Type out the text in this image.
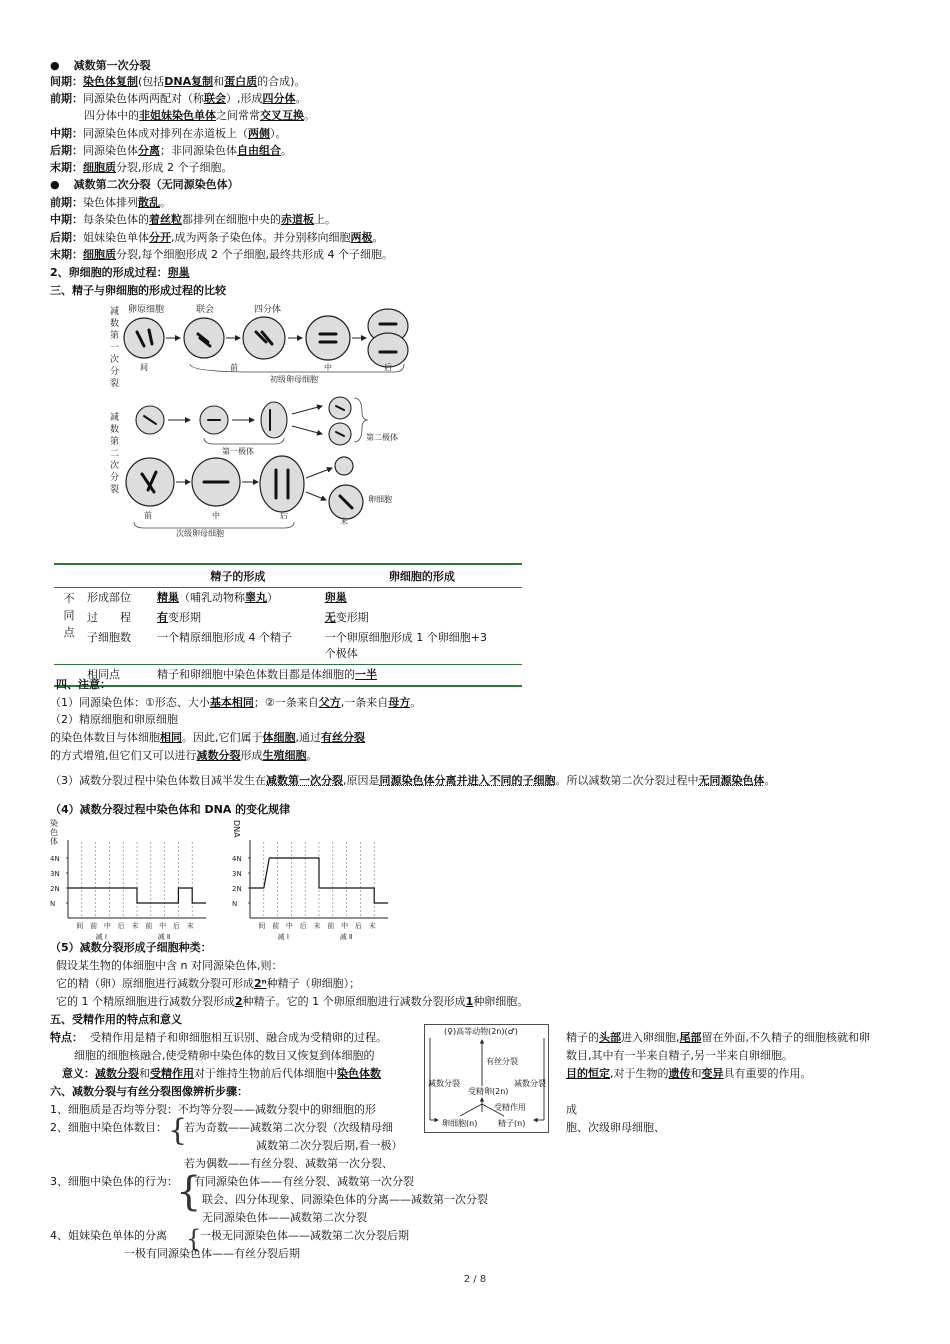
● 减数第一次分裂
间期：染色体复制(包括DNA复制和蛋白质的合成)。
前期：同源染色体两两配对（称联会）,形成四分体。
四分体中的非姐妹染色单体之间常常交叉互换。
中期：同源染色体成对排列在赤道板上（两侧）。
后期：同源染色体分离；非同源染色体自由组合。
末期：细胞质分裂,形成 2 个子细胞。
● 减数第二次分裂（无同源染色体）
前期：染色体排列散乱。
中期：每条染色体的着丝粒都排列在细胞中央的赤道板上。
后期：姐妹染色单体分开,成为两条子染色体。并分别移向细胞两极。
末期：细胞质分裂,每个细胞形成 2 个子细胞,最终共形成 4 个子细胞。
2、卵细胞的形成过程：卵巢
三、精子与卵细胞的形成过程的比较
减数第一次分裂
减数第二次分裂
卵原细胞	联会	四分体
间	前	中	后
初级卵母细胞
第一极体
第二极体
卵细胞
前	中	后
末
次级卵母细胞
		精子的形成	卵细胞的形成
不
同
点	形成部位	精巢（哺乳动物称睾丸）	卵巢
	过　　程	有变形期	无变形期
	子细胞数	一个精原细胞形成 4 个精子	一个卵原细胞形成 1 个卵细胞+3
个极体
	相同点	精子和卵细胞中染色体数目都是体细胞的一半	
四、注意：
（1）同源染色体：①形态、大小基本相同；②一条来自父方,一条来自母方。
（2）精原细胞和卵原细胞
的染色体数目与体细胞相同。因此,它们属于体细胞,通过有丝分裂
的方式增殖,但它们又可以进行减数分裂形成生殖细胞。
（3）减数分裂过程中染色体数目减半发生在减数第一次分裂,原因是同源染色体分离并进入不同的子细胞。所以减数第二次分裂过程中无同源染色体。
（4）减数分裂过程中染色体和 DNA 的变化规律
染色体
DNA
4N
3N
2N
N
间 前 中 后 末 前 中 后 末
减 Ⅰ	减 Ⅱ
4N
3N
2N
N
间 前 中 后 末 前 中 后 末
减 Ⅰ	减 Ⅱ
（5）减数分裂形成子细胞种类：
假设某生物的体细胞中含 n 对同源染色体,则：
它的精（卵）原细胞进行减数分裂可形成2ⁿ种精子（卵细胞）；
它的 1 个精原细胞进行减数分裂形成2种精子。它的 1 个卵原细胞进行减数分裂形成1种卵细胞。
五、受精作用的特点和意义
特点： 受精作用是精子和卵细胞相互识别、融合成为受精卵的过程。
细胞的细胞核融合,使受精卵中染色体的数目又恢复到体细胞的
精子的头部进入卵细胞,尾部留在外面,不久精子的细胞核就和卵
数目,其中有一半来自精子,另一半来自卵细胞。
意义：减数分裂和受精作用对于维持生物前后代体细胞中染色体数	目的恒定,对于生物的遗传和变异具有重要的作用。
(♀)高等动物(2n)(♂)
有丝分裂
减数分裂	减数分裂
受精卵(2n)
受精作用
卵细胞(n)	精子(n)
六、减数分裂与有丝分裂图像辨析步骤：
1、细胞质是否均等分裂：不均等分裂——减数分裂中的卵细胞的形	成
2、细胞中染色体数目： {
若为奇数——减数第二次分裂（次级精母细	胞、次级卵母细胞、
减数第二次分裂后期,看一极）
若为偶数——有丝分裂、减数第一次分裂、
3、细胞中染色体的行为：
{
有同源染色体——有丝分裂、减数第一次分裂
联会、四分体现象、同源染色体的分离——减数第一次分裂
无同源染色体——减数第二次分裂
4、姐妹染色单体的分离 {
一极无同源染色体——减数第二次分裂后期
一极有同源染色体——有丝分裂后期
2 / 8
